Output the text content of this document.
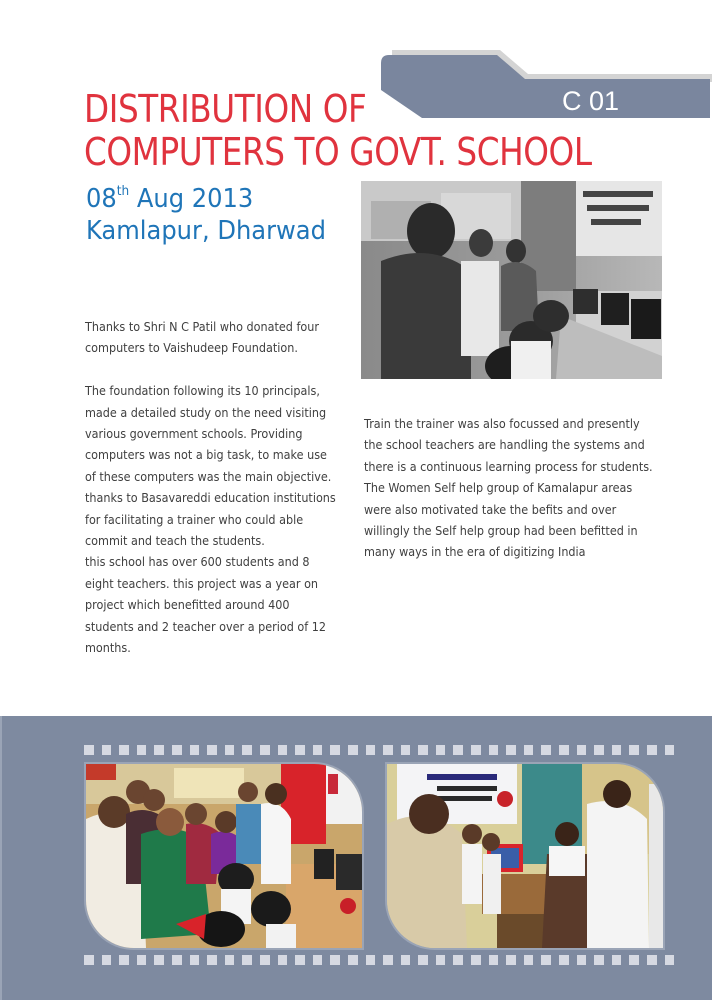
C 01
DISTRIBUTION OF
COMPUTERS TO GOVT. SCHOOL
08th Aug 2013
Kamlapur, Dharwad

Thanks to Shri N C Patil who donated four computers to Vaishudeep Foundation.

The foundation following its 10 principals, made a detailed study on the need visiting various government schools. Providing computers was not a big task, to make use of these computers was the main objective. thanks to Basavareddi education institutions for facilitating a trainer who could able commit and teach the students.

this school has over 600 students and 8 eight teachers. this project was a year on project which benefitted around 400 students and 2 teacher over a period of 12 months.

Train the trainer was also focussed and presently the school teachers are handling the systems and there is a continuous learning process for students.

The Women Self help group of Kamalapur areas were also motivated take the befits and over willingly the Self help group had been befitted in many ways in the era of digitizing India
